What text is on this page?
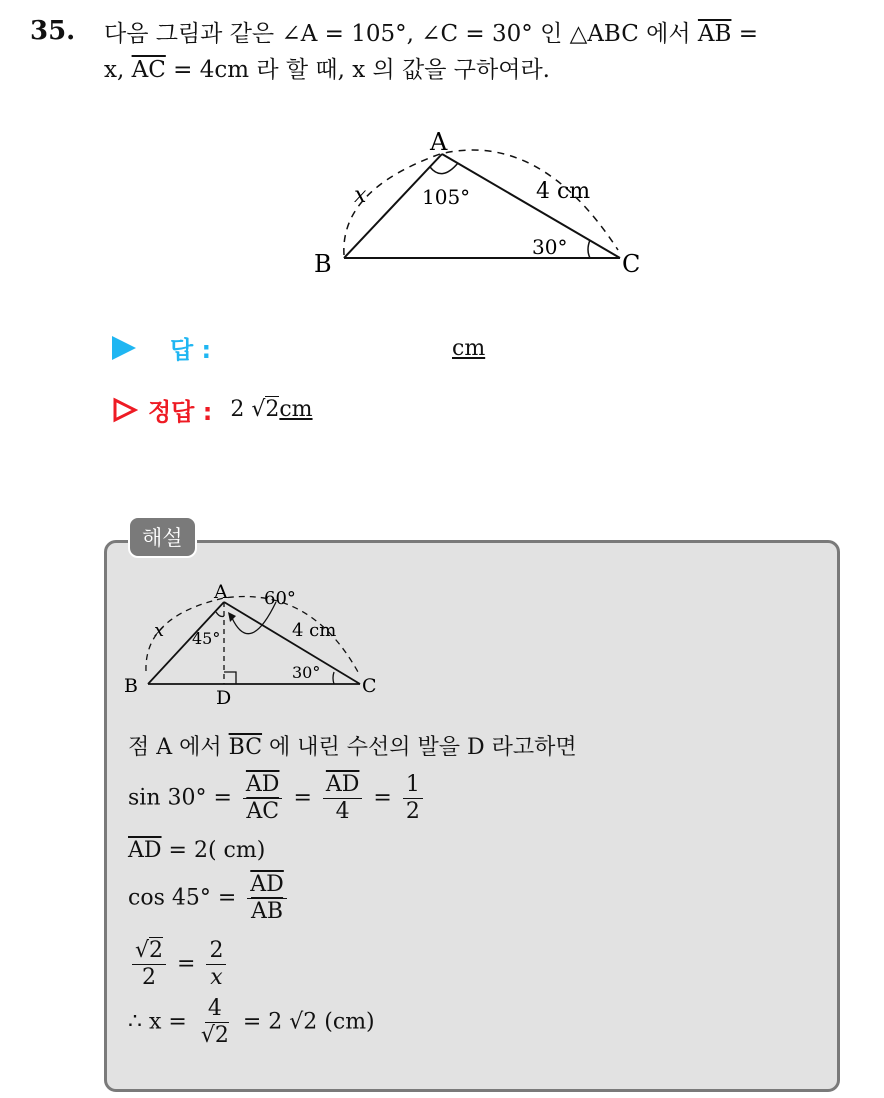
35. 다음 그림과 같은 ∠A = 105°, ∠C = 30° 인 △ABC 에서 $\overline{AB}$ =
x, $\overline{AC} = 4cm$ 라 할 때, x 의 값을 구하여라.
A
B	C
x	4 cm
105°
30°
답 :	cm
정답 : 2 √2cm
해설
A
B	C
D
x	4 cm
45°
60°
30°
점 A 에서 $\overline{BC}$ 에 내린 수선의 발을 D 라고하면
$\sin 30^\circ = \frac{\overline{AD}}{AC} = \frac{\overline{AD}}{4} = \frac{1}{2}$
$\overline{AD} = 2$( cm)
$\cos 45^\circ = \frac{\overline{AD}}{AB}$
$\frac{√2}{2} = \frac{2}{x}$
∴ $x = \frac{4}{√2} = 2$ √2 (cm)
